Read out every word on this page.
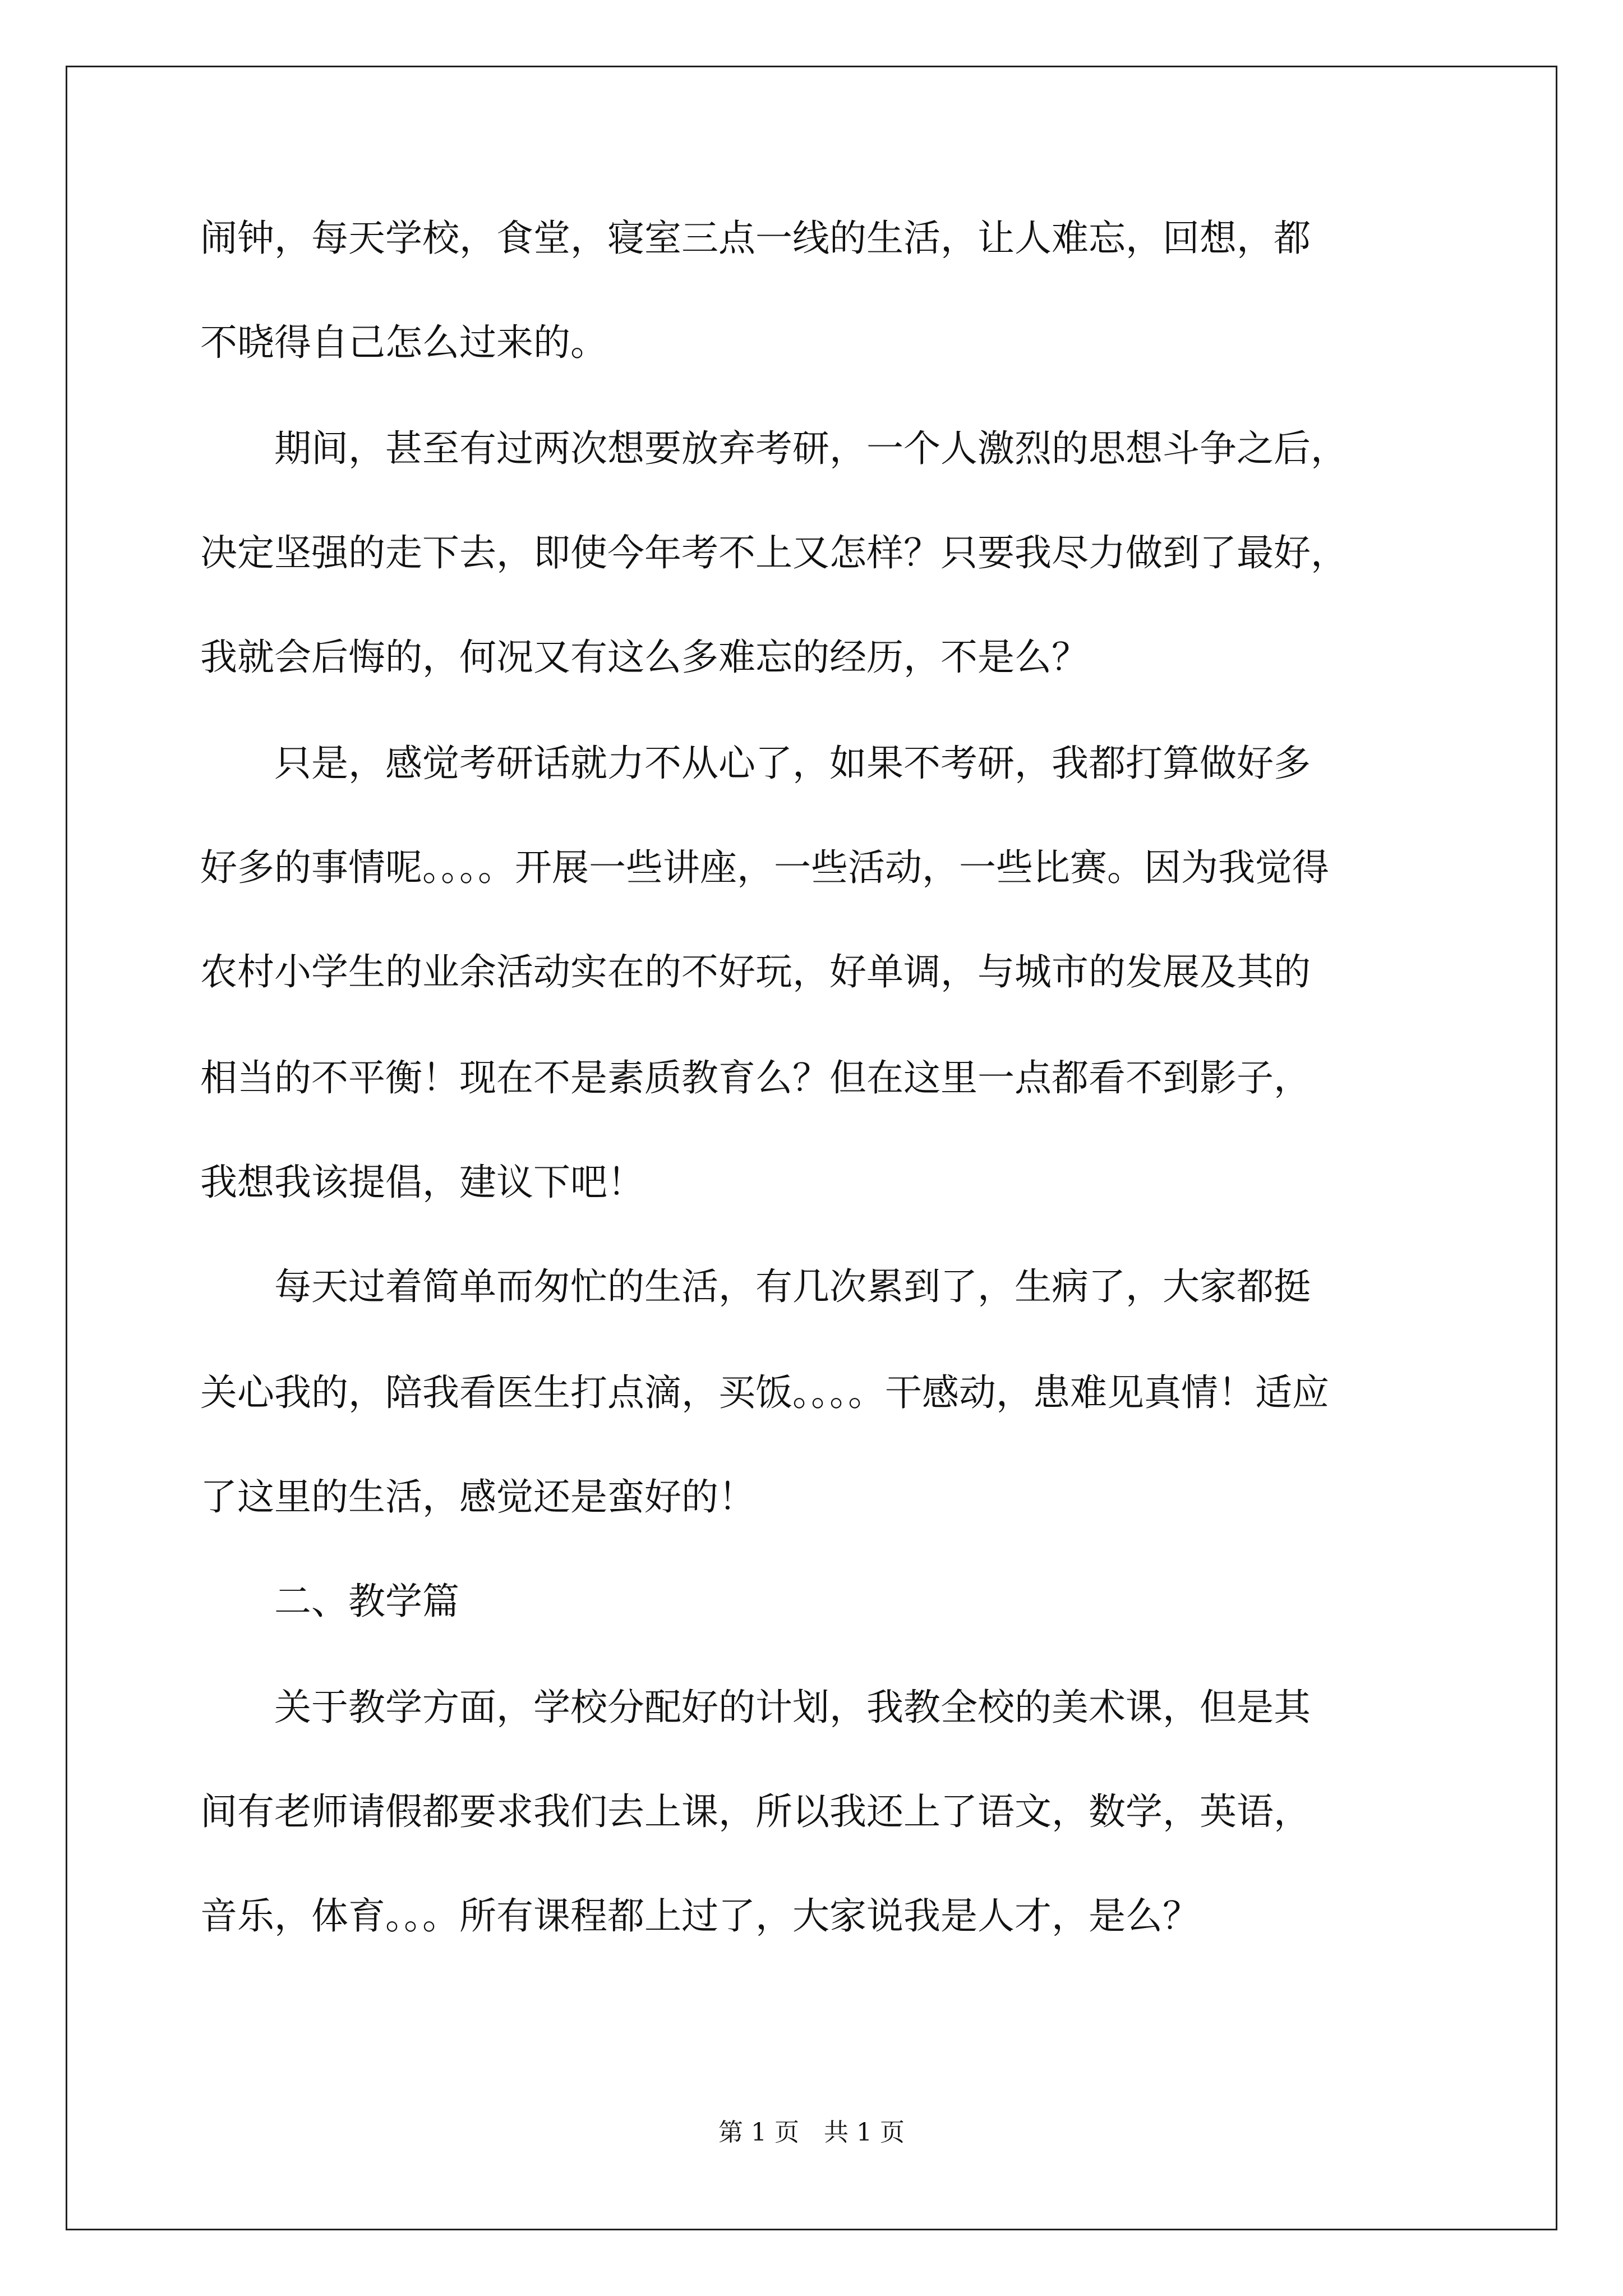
闹钟，每天学校，食堂，寝室三点一线的生活，让人难忘，回想，都
不晓得自己怎么过来的。
　　期间，甚至有过两次想要放弃考研，一个人激烈的思想斗争之后，
决定坚强的走下去，即使今年考不上又怎样？只要我尽力做到了最好，
我就会后悔的，何况又有这么多难忘的经历，不是么？
　　只是，感觉考研话就力不从心了，如果不考研，我都打算做好多
好多的事情呢。。。。开展一些讲座，一些活动，一些比赛。因为我觉得
农村小学生的业余活动实在的不好玩，好单调，与城市的发展及其的
相当的不平衡！现在不是素质教育么？但在这里一点都看不到影子，
我想我该提倡，建议下吧！
　　每天过着简单而匆忙的生活，有几次累到了，生病了，大家都挺
关心我的，陪我看医生打点滴，买饭。。。。干感动，患难见真情！适应
了这里的生活，感觉还是蛮好的！
　　二、教学篇
　　关于教学方面，学校分配好的计划，我教全校的美术课，但是其
间有老师请假都要求我们去上课，所以我还上了语文，数学，英语，
音乐，体育。。。所有课程都上过了，大家说我是人才，是么？
第 1 页　共 1 页
